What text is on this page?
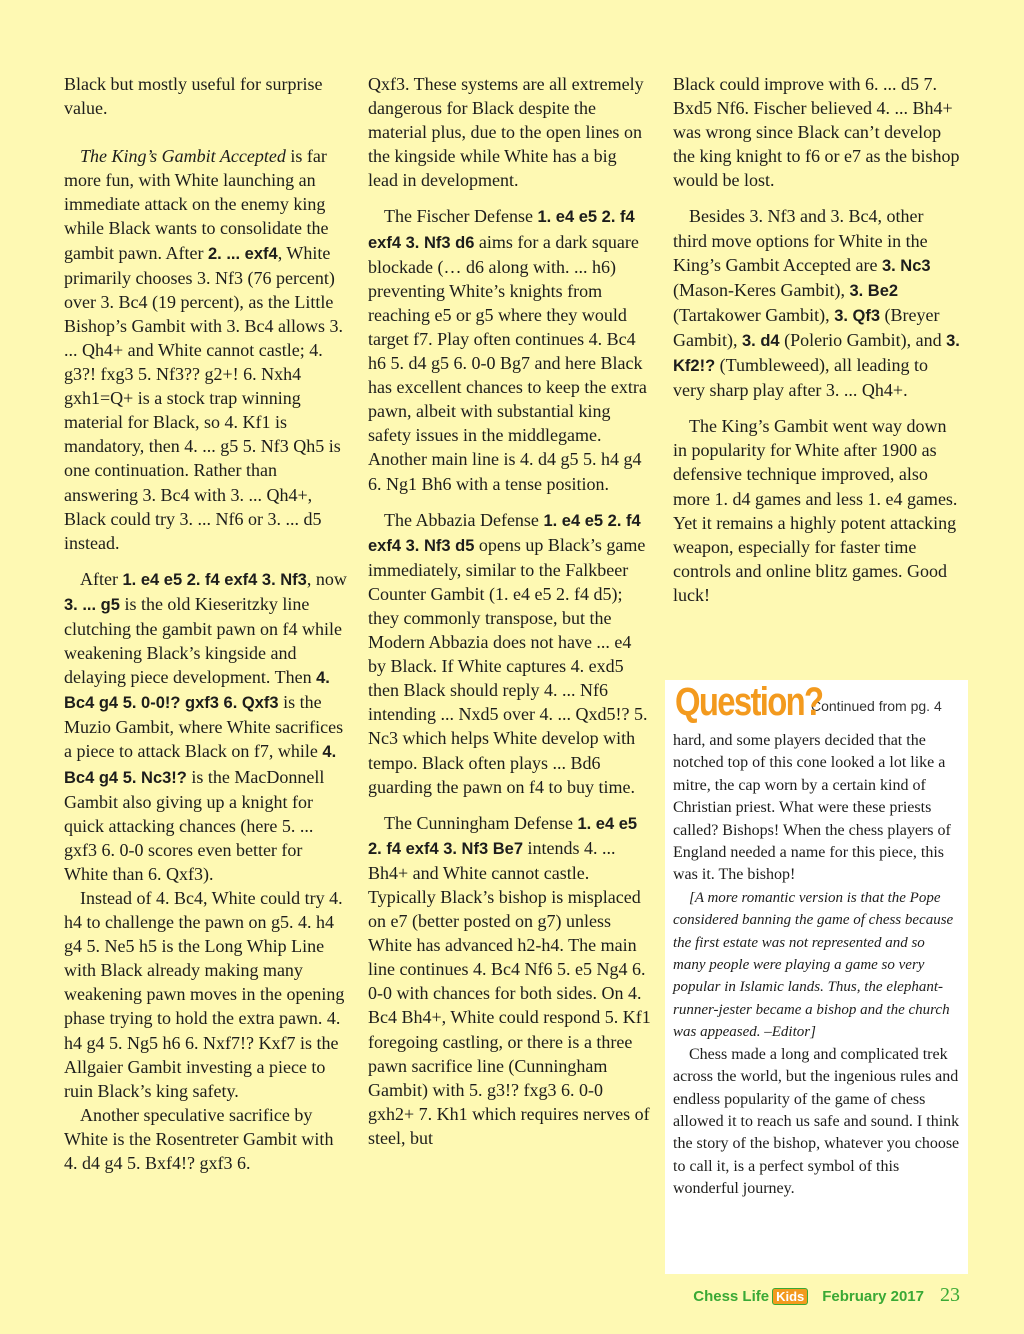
Black but mostly useful for surprise value.

The King’s Gambit Accepted is far more fun, with White launching an immediate attack on the enemy king while Black wants to consolidate the gambit pawn. After 2. ... exf4, White primarily chooses 3. Nf3 (76 percent) over 3. Bc4 (19 percent), as the Little Bishop’s Gambit with 3. Bc4 allows 3. ... Qh4+ and White cannot castle; 4. g3?! fxg3 5. Nf3?? g2+! 6. Nxh4 gxh1=Q+ is a stock trap winning material for Black, so 4. Kf1 is mandatory, then 4. ... g5 5. Nf3 Qh5 is one continuation. Rather than answering 3. Bc4 with 3. ... Qh4+, Black could try 3. ... Nf6 or 3. ... d5 instead.

After 1. e4 e5 2. f4 exf4 3. Nf3, now 3. ... g5 is the old Kieseritzky line clutching the gambit pawn on f4 while weakening Black’s kingside and delaying piece development. Then 4. Bc4 g4 5. 0-0!? gxf3 6. Qxf3 is the Muzio Gambit, where White sacrifices a piece to attack Black on f7, while 4. Bc4 g4 5. Nc3!? is the MacDonnell Gambit also giving up a knight for quick attacking chances (here 5. ... gxf3 6. 0-0 scores even better for White than 6. Qxf3).

Instead of 4. Bc4, White could try 4. h4 to challenge the pawn on g5. 4. h4 g4 5. Ne5 h5 is the Long Whip Line with Black already making many weakening pawn moves in the opening phase trying to hold the extra pawn. 4. h4 g4 5. Ng5 h6 6. Nxf7!? Kxf7 is the Allgaier Gambit investing a piece to ruin Black’s king safety.

Another speculative sacrifice by White is the Rosentreter Gambit with 4. d4 g4 5. Bxf4!? gxf3 6.

Qxf3. These systems are all extremely dangerous for Black despite the material plus, due to the open lines on the kingside while White has a big lead in development.

The Fischer Defense 1. e4 e5 2. f4 exf4 3. Nf3 d6 aims for a dark square blockade (… d6 along with. ... h6) preventing White’s knights from reaching e5 or g5 where they would target f7. Play often continues 4. Bc4 h6 5. d4 g5 6. 0-0 Bg7 and here Black has excellent chances to keep the extra pawn, albeit with substantial king safety issues in the middlegame. Another main line is 4. d4 g5 5. h4 g4 6. Ng1 Bh6 with a tense position.

The Abbazia Defense 1. e4 e5 2. f4 exf4 3. Nf3 d5 opens up Black’s game immediately, similar to the Falkbeer Counter Gambit (1. e4 e5 2. f4 d5); they commonly transpose, but the Modern Abbazia does not have ... e4 by Black. If White captures 4. exd5 then Black should reply 4. ... Nf6 intending ... Nxd5 over 4. ... Qxd5!? 5. Nc3 which helps White develop with tempo. Black often plays ... Bd6 guarding the pawn on f4 to buy time.

The Cunningham Defense 1. e4 e5 2. f4 exf4 3. Nf3 Be7 intends 4. ... Bh4+ and White cannot castle. Typically Black’s bishop is misplaced on e7 (better posted on g7) unless White has advanced h2-h4. The main line continues 4. Bc4 Nf6 5. e5 Ng4 6. 0-0 with chances for both sides. On 4. Bc4 Bh4+, White could respond 5. Kf1 foregoing castling, or there is a three pawn sacrifice line (Cunningham Gambit) with 5. g3!? fxg3 6. 0-0 gxh2+ 7. Kh1 which requires nerves of steel, but

Black could improve with 6. ... d5 7. Bxd5 Nf6. Fischer believed 4. ... Bh4+ was wrong since Black can’t develop the king knight to f6 or e7 as the bishop would be lost.

Besides 3. Nf3 and 3. Bc4, other third move options for White in the King’s Gambit Accepted are 3. Nc3 (Mason-Keres Gambit), 3. Be2 (Tartakower Gambit), 3. Qf3 (Breyer Gambit), 3. d4 (Polerio Gambit), and 3. Kf2!? (Tumbleweed), all leading to very sharp play after 3. ... Qh4+.

The King’s Gambit went way down in popularity for White after 1900 as defensive technique improved, also more 1. d4 games and less 1. e4 games. Yet it remains a highly potent attacking weapon, especially for faster time controls and online blitz games. Good luck!

Question?Continued from pg. 4

hard, and some players decided that the notched top of this cone looked a lot like a mitre, the cap worn by a certain kind of Christian priest. What were these priests called? Bishops! When the chess players of England needed a name for this piece, this was it. The bishop!

[A more romantic version is that the Pope considered banning the game of chess because the first estate was not represented and so many people were playing a game so very popular in Islamic lands. Thus, the elephant-runner-jester became a bishop and the church was appeased. –Editor]

Chess made a long and complicated trek across the world, but the ingenious rules and endless popularity of the game of chess allowed it to reach us safe and sound. I think the story of the bishop, whatever you choose to call it, is a perfect symbol of this wonderful journey.

Chess Life Kids February 2017 23
